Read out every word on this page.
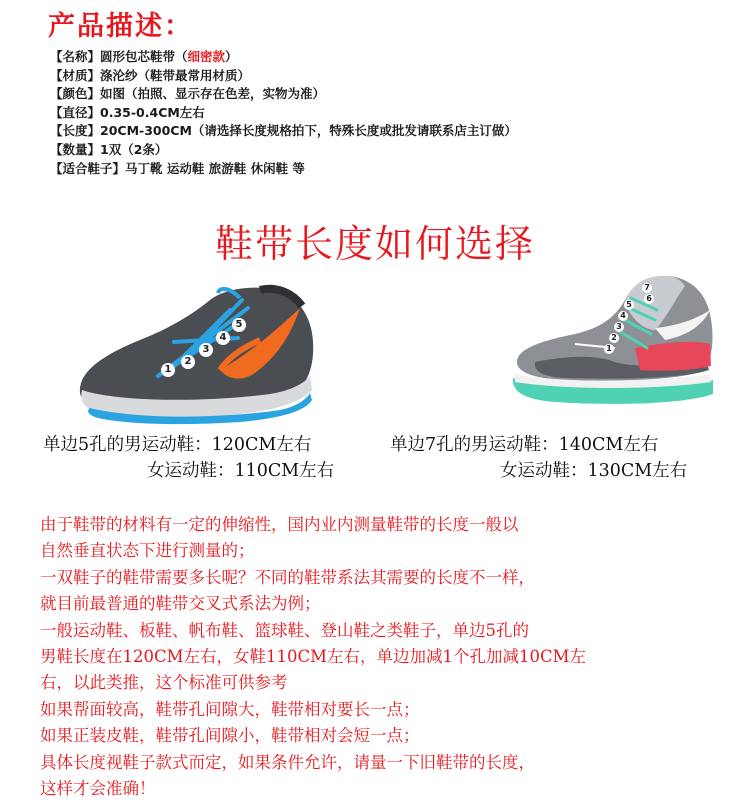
产品描述：
【名称】圆形包芯鞋带（细密款）
【材质】涤沦纱（鞋带最常用材质）
【颜色】如图（拍照、显示存在色差，实物为准）
【直径】0.35-0.4CM左右
【长度】20CM-300CM（请选择长度规格拍下，特殊长度或批发请联系店主订做）
【数量】1双（2条）
【适合鞋子】马丁靴 运动鞋 旅游鞋 休闲鞋 等
鞋带长度如何选择
1
2
3
4
5
1
2
3
4
5
6
7
单边5孔的男运动鞋：120CM左右
女运动鞋：110CM左右
单边7孔的男运动鞋：140CM左右
女运动鞋：130CM左右
由于鞋带的材料有一定的伸缩性，国内业内测量鞋带的长度一般以
自然垂直状态下进行测量的；
一双鞋子的鞋带需要多长呢？不同的鞋带系法其需要的长度不一样，
就目前最普通的鞋带交叉式系法为例；
一般运动鞋、板鞋、帆布鞋、篮球鞋、登山鞋之类鞋子，单边5孔的
男鞋长度在120CM左右，女鞋110CM左右，单边加减1个孔加减10CM左
右，以此类推，这个标准可供参考
如果帮面较高，鞋带孔间隙大，鞋带相对要长一点；
如果正装皮鞋，鞋带孔间隙小，鞋带相对会短一点；
具体长度视鞋子款式而定，如果条件允许，请量一下旧鞋带的长度，
这样才会准确！
